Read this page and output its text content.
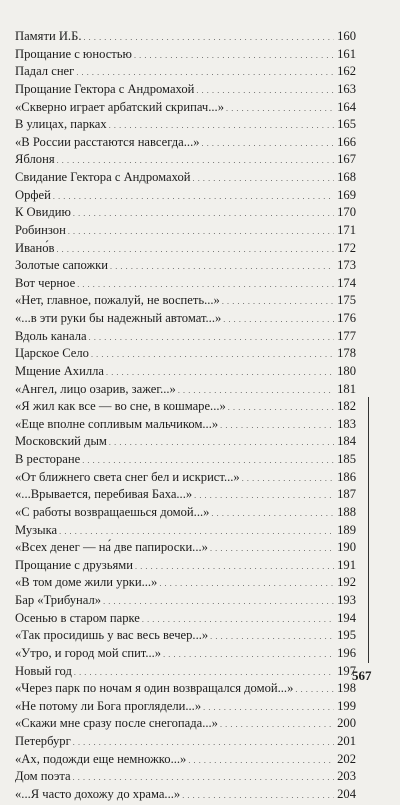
Памяти И.Б. . . .	160
Прощание с юностью . . .	161
Падал снег . . .	162
Прощание Гектора с Андромахой . . .	163
«Скверно играет арбатский скрипач...» . . .	164
В улицах, парках . . .	165
«В России расстаются навсегда...» . . .	166
Яблоня . . .	167
Свидание Гектора с Андромахой . . .	168
Орфей . . .	169
К Овидию . . .	170
Робинзон . . .	171
Ивано́в . . .	172
Золотые сапожки . . .	173
Вот черное . . .	174
«Нет, главное, пожалуй, не воспеть...» . . .	175
«...в эти руки бы надежный автомат...» . . .	176
Вдоль канала . . .	177
Царское Село . . .	178
Мщение Ахилла . . .	180
«Ангел, лицо озарив, зажег...» . . .	181
«Я жил как все — во сне, в кошмаре...» . . .	182
«Еще вполне сопливым мальчиком...» . . .	183
Московский дым . . .	184
В ресторане . . .	185
«От ближнего света снег бел и искрист...» . . .	186
«...Врывается, перебивая Баха...» . . .	187
«С работы возвращаешься домой...» . . .	188
Музыка . . .	189
«Всех денег — на́ две папироски...» . . .	190
Прощание с друзьями . . .	191
«В том доме жили урки...» . . .	192
Бар «Трибунал» . . .	193
Осенью в старом парке . . .	194
«Так просидишь у вас весь вечер...» . . .	195
«Утро, и город мой спит...» . . .	196
Новый год . . .	197
«Через парк по ночам я один возвращался домой...» . . .	198
«Не потому ли Бога проглядели...» . . .	199
«Скажи мне сразу после снегопада...» . . .	200
Петербург . . .	201
«Ах, подожди еще немножко...» . . .	202
Дом поэта . . .	203
«...Я часто дохожу до храма...» . . .	204
567
